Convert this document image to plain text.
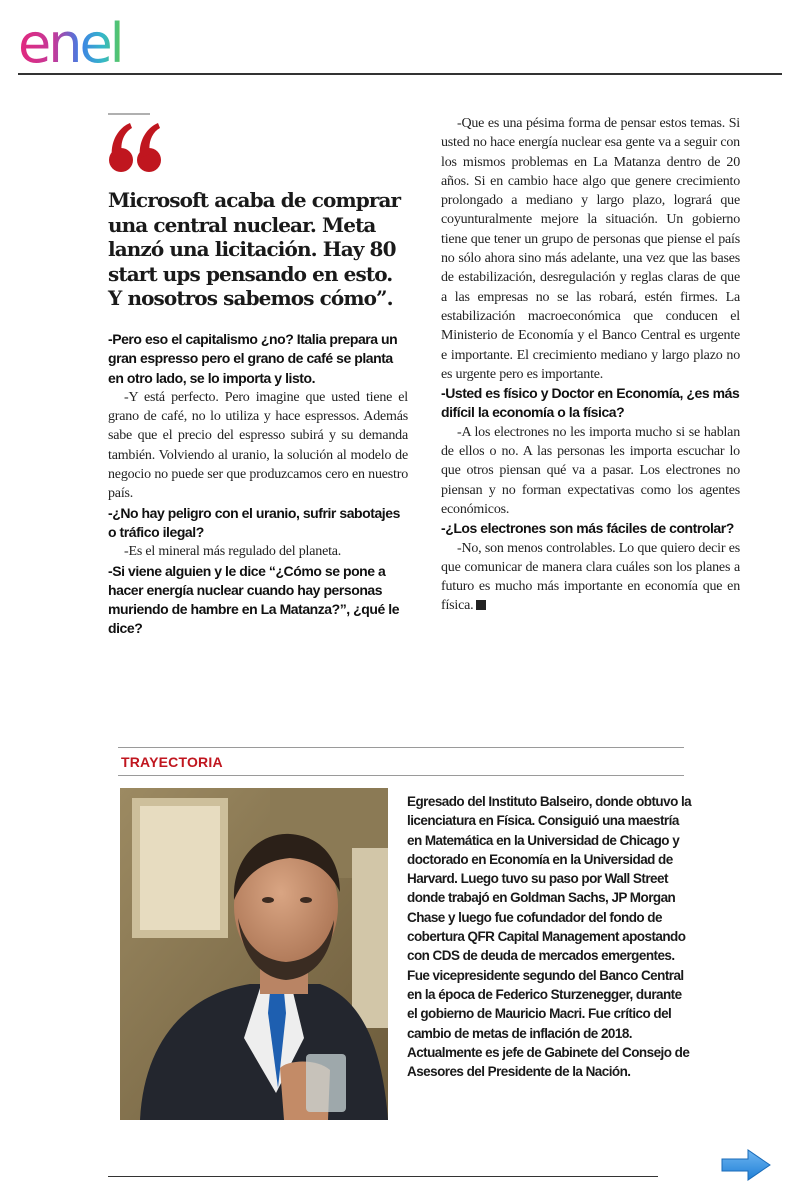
enel

Microsoft acaba de comprar una central nuclear. Meta lanzó una licitación. Hay 80 start ups pensando en esto. Y nosotros sabemos cómo”.

-Pero eso el capitalismo ¿no? Italia prepara un gran espresso pero el grano de café se planta en otro lado, se lo importa y listo.

-Y está perfecto. Pero imagine que usted tiene el grano de café, no lo utiliza y hace espressos. Además sabe que el precio del espresso subirá y su demanda también. Volviendo al uranio, la solución al modelo de negocio no puede ser que produzcamos cero en nuestro país.

-¿No hay peligro con el uranio, sufrir sabotajes o tráfico ilegal?

-Es el mineral más regulado del planeta.

-Si viene alguien y le dice “¿Cómo se pone a hacer energía nuclear cuando hay personas muriendo de hambre en La Matanza?”, ¿qué le dice?

-Que es una pésima forma de pensar estos temas. Si usted no hace energía nuclear esa gente va a seguir con los mismos problemas en La Matanza dentro de 20 años. Si en cambio hace algo que genere crecimiento prolongado a mediano y largo plazo, logrará que coyunturalmente mejore la situación. Un gobierno tiene que tener un grupo de personas que piense el país no sólo ahora sino más adelante, una vez que las bases de estabilización, desregulación y reglas claras de que a las empresas no se las robará, estén firmes. La estabilización macroeconómica que conducen el Ministerio de Economía y el Banco Central es urgente e importante. El crecimiento mediano y largo plazo no es urgente pero es importante.

-Usted es físico y Doctor en Economía, ¿es más difícil la economía o la física?

-A los electrones no les importa mucho si se hablan de ellos o no. A las personas les importa escuchar lo que otros piensan qué va a pasar. Los electrones no piensan y no forman expectativas como los agentes económicos.

-¿Los electrones son más fáciles de controlar?

-No, son menos controlables. Lo que quiero decir es que comunicar de manera clara cuáles son los planes a futuro es mucho más importante en economía que en física.

TRAYECTORIA

Egresado del Instituto Balseiro, donde obtuvo la licenciatura en Física. Consiguió una maestría en Matemática en la Universidad de Chicago y doctorado en Economía en la Universidad de Harvard. Luego tuvo su paso por Wall Street donde trabajó en Goldman Sachs, JP Morgan Chase y luego fue cofundador del fondo de cobertura QFR Capital Management apostando con CDS de deuda de mercados emergentes. Fue vicepresidente segundo del Banco Central en la época de Federico Sturzenegger, durante el gobierno de Mauricio Macri. Fue crítico del cambio de metas de inflación de 2018. Actualmente es jefe de Gabinete del Consejo de Asesores del Presidente de la Nación.
